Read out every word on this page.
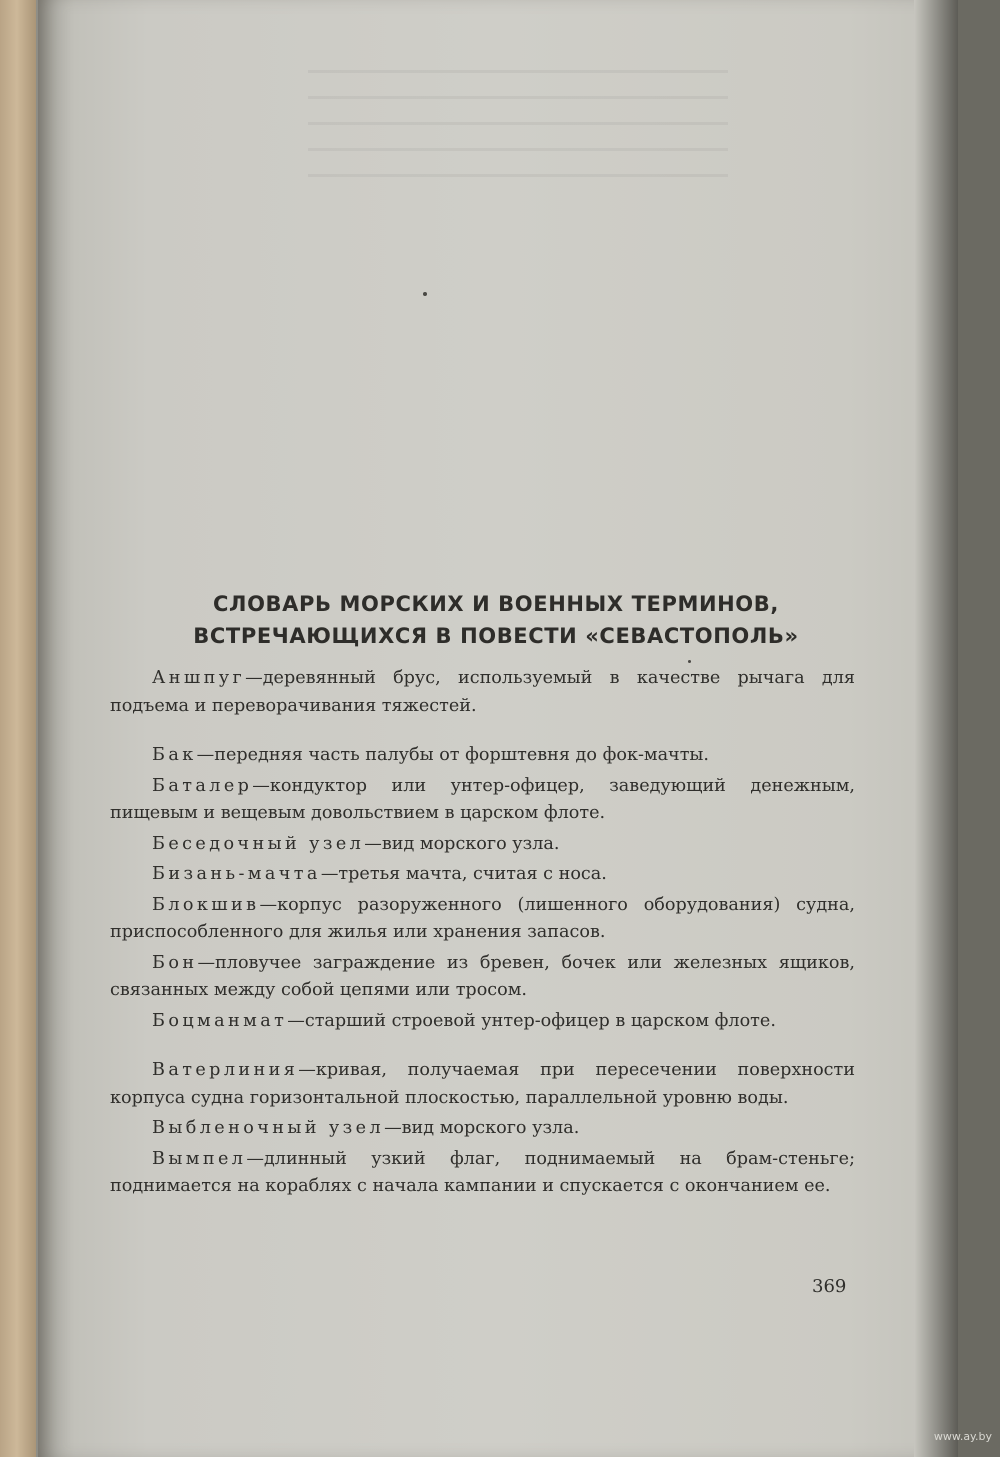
СЛОВАРЬ МОРСКИХ И ВОЕННЫХ ТЕРМИНОВ,
ВСТРЕЧАЮЩИХСЯ В ПОВЕСТИ «СЕВАСТОПОЛЬ»

Аншпуг—деревянный брус, используемый в качестве рычага для подъема и переворачивания тяжестей.

Бак—передняя часть палубы от форштевня до фок-мачты.

Баталер—кондуктор или унтер-офицер, заведующий денежным, пищевым и вещевым довольствием в царском флоте.

Беседочный узел—вид морского узла.

Бизань-мачта—третья мачта, считая с носа.

Блокшив—корпус разоруженного (лишенного оборудования) судна, приспособленного для жилья или хранения запасов.

Бон—пловучее заграждение из бревен, бочек или железных ящиков, связанных между собой цепями или тросом.

Боцманмат—старший строевой унтер-офицер в царском флоте.

Ватерлиния—кривая, получаемая при пересечении поверхности корпуса судна горизонтальной плоскостью, параллельной уровню воды.

Выбленочный узел—вид морского узла.

Вымпел—длинный узкий флаг, поднимаемый на брам-стеньге; поднимается на кораблях с начала кампании и спускается с окончанием ее.

369
www.ay.by
